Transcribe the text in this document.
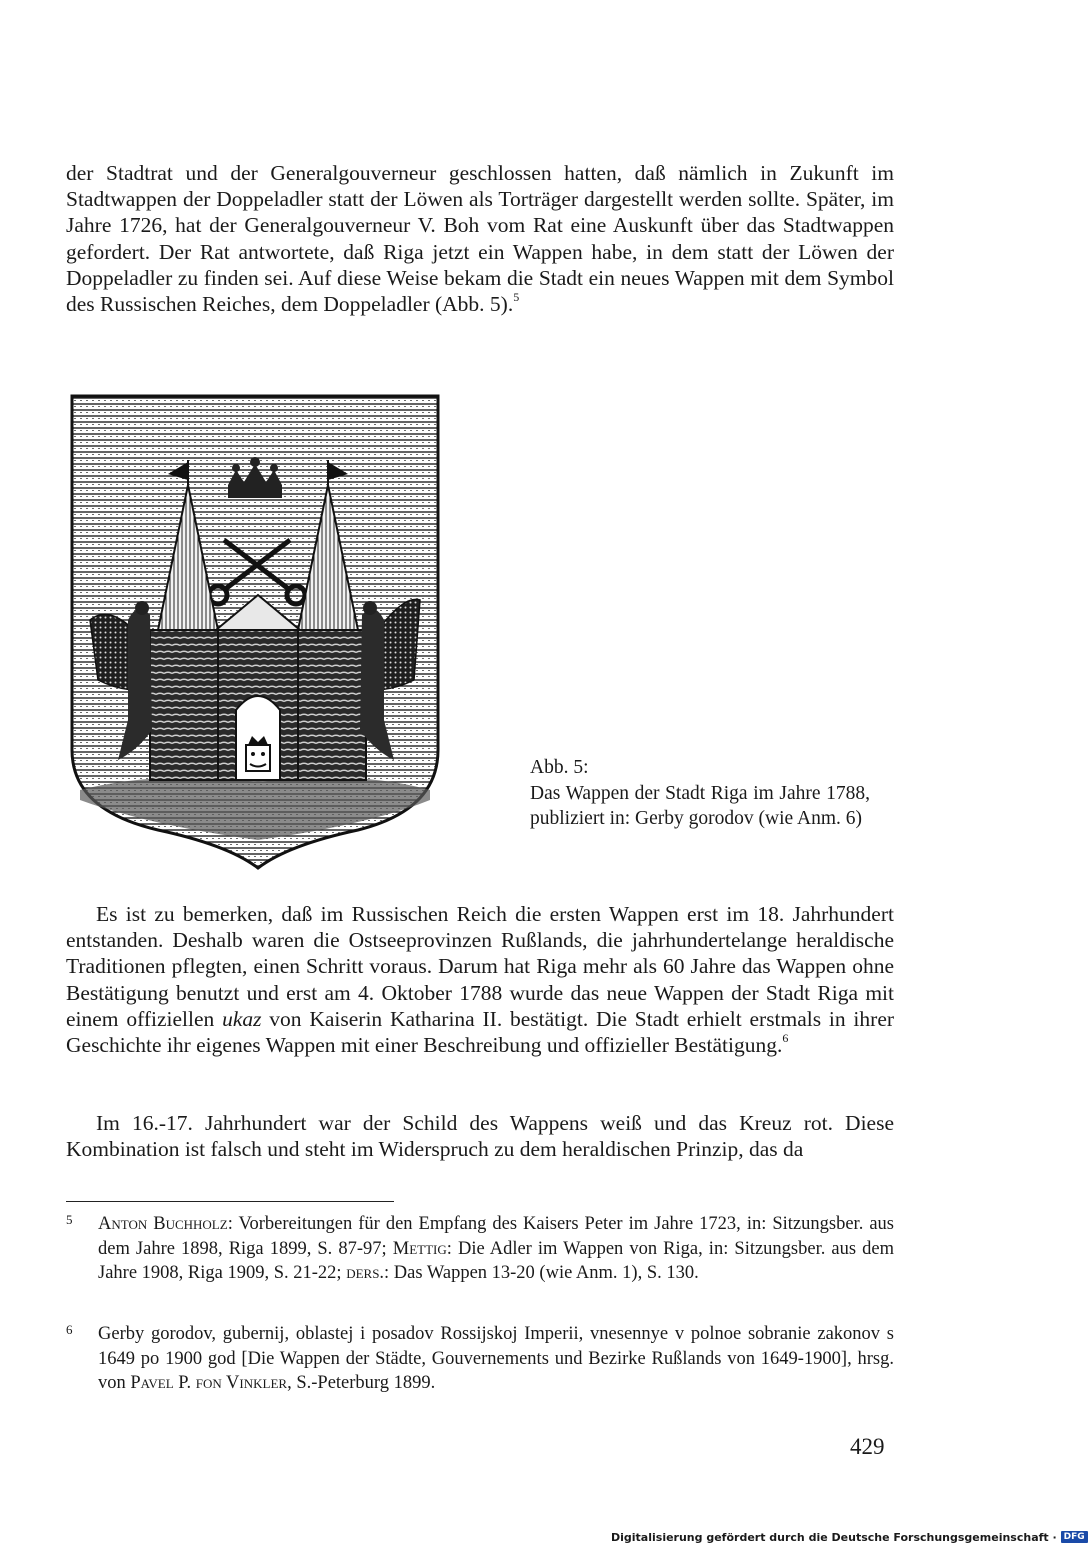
der Stadtrat und der Generalgouverneur geschlossen hatten, daß nämlich in Zukunft im Stadtwappen der Doppeladler statt der Löwen als Torträger dargestellt werden sollte. Später, im Jahre 1726, hat der Generalgouverneur V. Boh vom Rat eine Auskunft über das Stadtwappen gefordert. Der Rat antwortete, daß Riga jetzt ein Wappen habe, in dem statt der Löwen der Doppeladler zu finden sei. Auf diese Weise bekam die Stadt ein neues Wappen mit dem Symbol des Russischen Reiches, dem Doppeladler (Abb. 5).$^5$

Abb. 5:
Das Wappen der Stadt Riga im Jahre 1788, publiziert in: Gerby gorodov (wie Anm. 6)

Es ist zu bemerken, daß im Russischen Reich die ersten Wappen erst im 18. Jahrhundert entstanden. Deshalb waren die Ostseeprovinzen Rußlands, die jahrhundertelange heraldische Traditionen pflegten, einen Schritt voraus. Darum hat Riga mehr als 60 Jahre das Wappen ohne Bestätigung benutzt und erst am 4. Oktober 1788 wurde das neue Wappen der Stadt Riga mit einem offiziellen ukaz von Kaiserin Katharina II. bestätigt. Die Stadt erhielt erstmals in ihrer Geschichte ihr eigenes Wappen mit einer Beschreibung und offizieller Bestätigung.$^6$

Im 16.-17. Jahrhundert war der Schild des Wappens weiß und das Kreuz rot. Diese Kombination ist falsch und steht im Widerspruch zu dem heraldischen Prinzip, das da

5 Anton Buchholz: Vorbereitungen für den Empfang des Kaisers Peter im Jahre 1723, in: Sitzungsber. aus dem Jahre 1898, Riga 1899, S. 87-97; Mettig: Die Adler im Wappen von Riga, in: Sitzungsber. aus dem Jahre 1908, Riga 1909, S. 21-22; ders.: Das Wappen 13-20 (wie Anm. 1), S. 130.
6 Gerby gorodov, gubernij, oblastej i posadov Rossijskoj Imperii, vnesennye v polnoe sobranie zakonov s 1649 po 1900 god [Die Wappen der Städte, Gouvernements und Bezirke Rußlands von 1649-1900], hrsg. von Pavel P. fon Vinkler, S.-Peterburg 1899.
429
Digitalisierung gefördert durch die Deutsche Forschungsgemeinschaft · DFG
